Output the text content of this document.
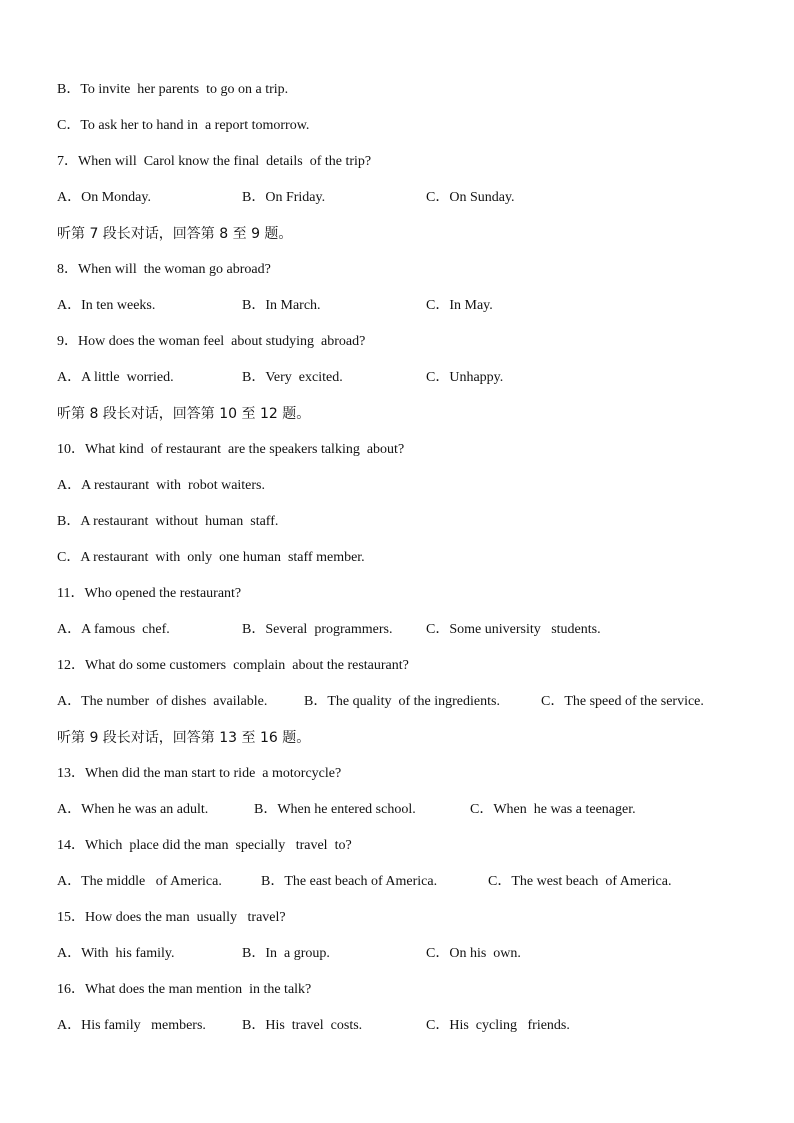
B．To invite  her parents  to go on a trip.
C．To ask her to hand in  a report tomorrow.
7．When will  Carol know the final  details  of the trip?
A．On Monday.	B．On Friday.	C．On Sunday.
听第 7 段长对话，回答第 8 至 9 题。
8．When will  the woman go abroad?
A．In ten weeks.	B．In March.	C．In May.
9．How does the woman feel  about studying  abroad?
A．A little  worried.	B．Very  excited.	C．Unhappy.
听第 8 段长对话，回答第 10 至 12 题。
10．What kind  of restaurant  are the speakers talking  about?
A．A restaurant  with  robot waiters.
B．A restaurant  without  human  staff.
C．A restaurant  with  only  one human  staff member.
11．Who opened the restaurant?
A．A famous  chef.	B．Several  programmers. C．Some university   students.
12．What do some customers  complain  about the restaurant?
A．The number  of dishes  available.	B．The quality  of the ingredients.	C．The speed of the service.
听第 9 段长对话，回答第 13 至 16 题。
13．When did the man start to ride  a motorcycle?
A．When he was an adult.	B．When he entered school.	C．When  he was a teenager.
14．Which  place did the man  specially   travel  to?
A．The middle   of America.	B．The east beach of America.	C．The west beach  of America.
15．How does the man  usually   travel?
A．With  his family.	B．In  a group.	C．On his  own.
16．What does the man mention  in the talk?
A．His family   members.	B．His  travel  costs.	C．His  cycling   friends.
